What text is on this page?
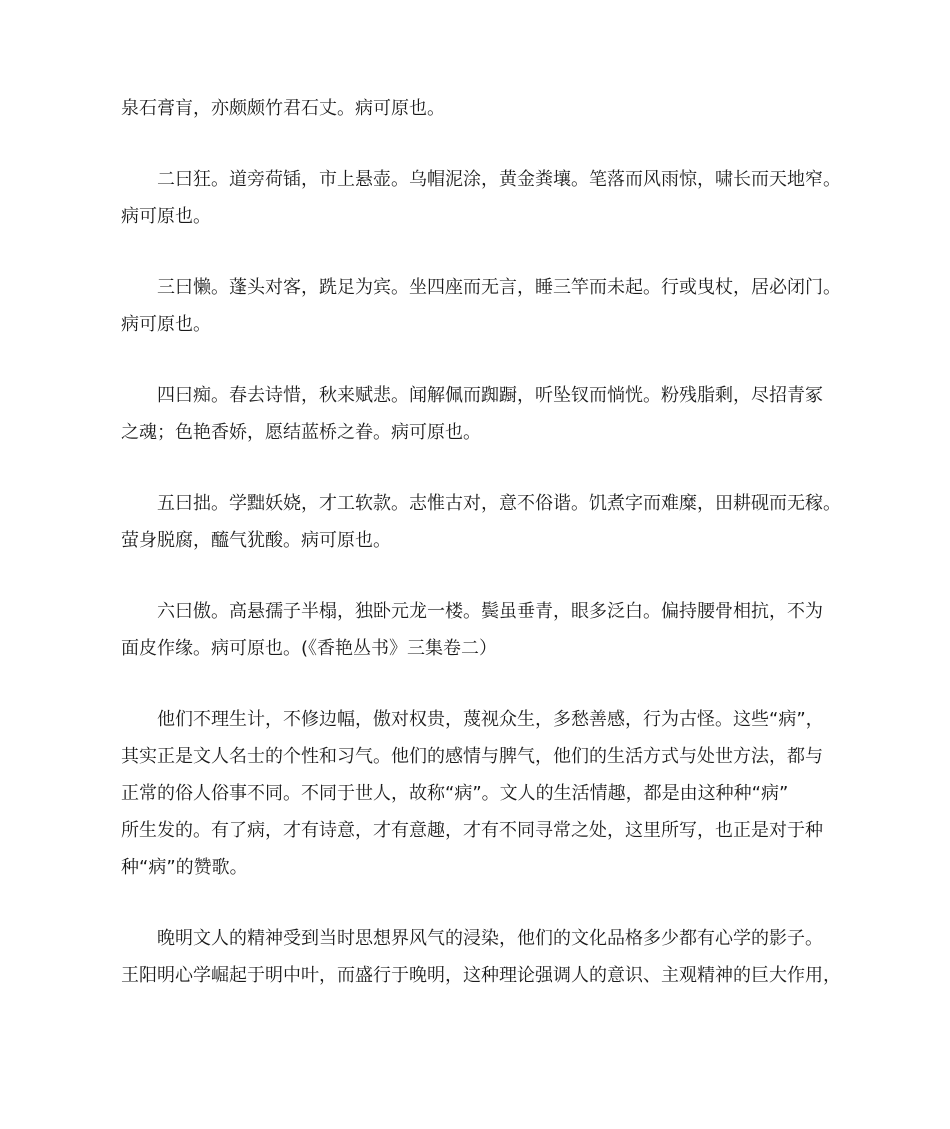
泉石膏肓，亦颇颇竹君石丈。病可原也。
二曰狂。道旁荷锸，市上悬壶。乌帽泥涂，黄金粪壤。笔落而风雨惊，啸长而天地窄。
病可原也。
三曰懒。蓬头对客，跣足为宾。坐四座而无言，睡三竿而未起。行或曳杖，居必闭门。
病可原也。
四曰痴。春去诗惜，秋来赋悲。闻解佩而踟蹰，听坠钗而惝恍。粉残脂剩，尽招青冢
之魂；色艳香娇，愿结蓝桥之眷。病可原也。
五曰拙。学黜妖娆，才工软款。志惟古对，意不俗谐。饥煮字而难糜，田耕砚而无稼。
萤身脱腐，醯气犹酸。病可原也。
六曰傲。高悬孺子半榻，独卧元龙一楼。鬓虽垂青，眼多泛白。偏持腰骨相抗，不为
面皮作缘。病可原也。(《香艳丛书》三集卷二）
他们不理生计，不修边幅，傲对权贵，蔑视众生，多愁善感，行为古怪。这些“病”，
其实正是文人名士的个性和习气。他们的感情与脾气，他们的生活方式与处世方法，都与
正常的俗人俗事不同。不同于世人，故称“病”。文人的生活情趣，都是由这种种“病”
所生发的。有了病，才有诗意，才有意趣，才有不同寻常之处，这里所写，也正是对于种
种“病”的赞歌。
晚明文人的精神受到当时思想界风气的浸染，他们的文化品格多少都有心学的影子。
王阳明心学崛起于明中叶，而盛行于晚明，这种理论强调人的意识、主观精神的巨大作用，
